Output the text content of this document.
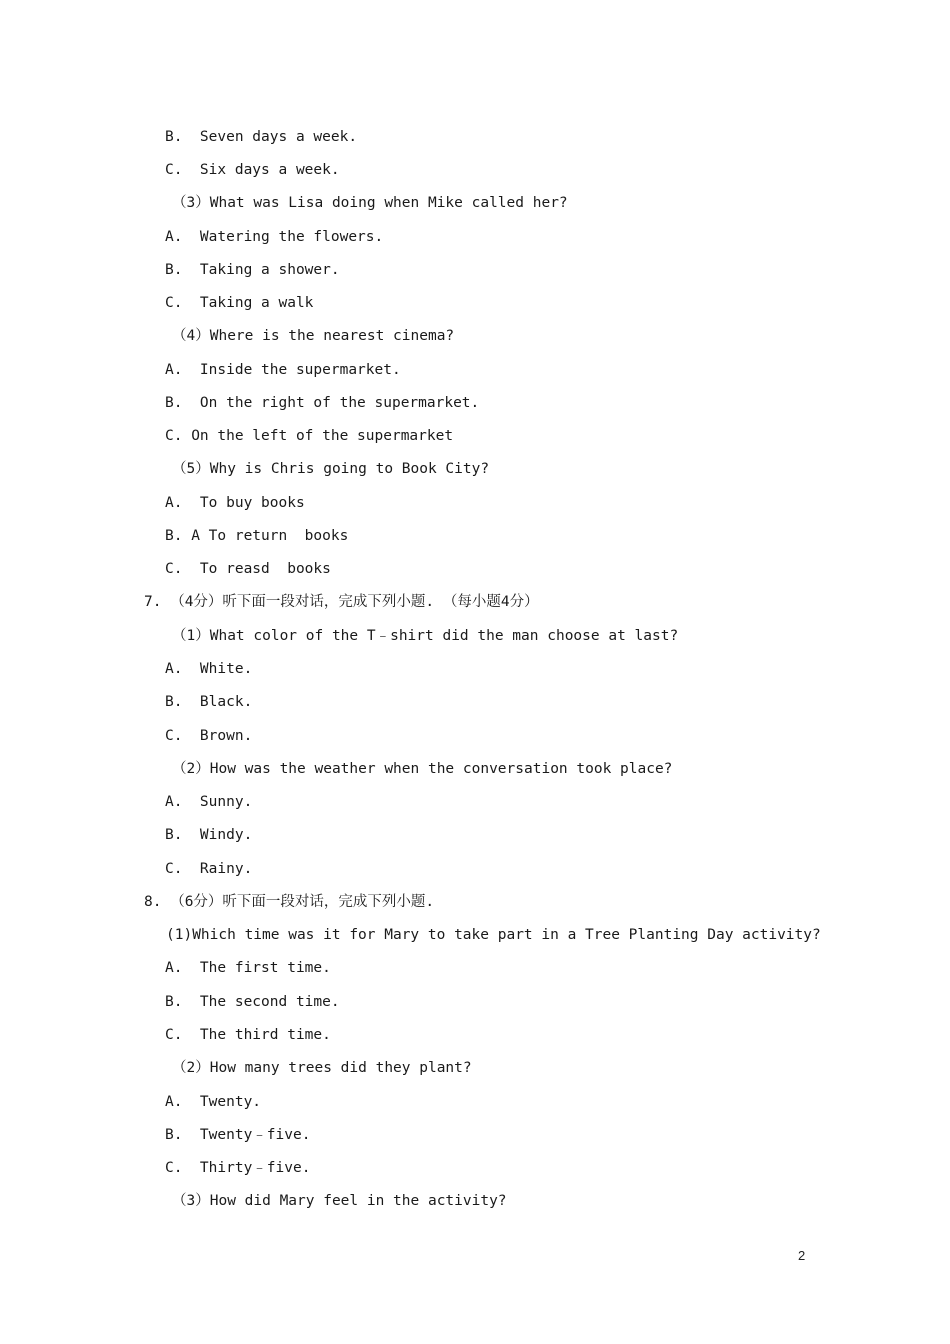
B.  Seven days a week.
C.  Six days a week.
（3）What was Lisa doing when Mike called her?
A.  Watering the flowers.
B.  Taking a shower.
C.  Taking a walk
（4）Where is the nearest cinema?
A.  Inside the supermarket.
B.  On the right of the supermarket.
C. On the left of the supermarket
（5）Why is Chris going to Book City?
A.  To buy books
B. A To return  books
C.  To reasd  books
7. （4分）听下面一段对话，完成下列小题. （每小题4分）
（1）What color of the T﹣shirt did the man choose at last?
A.  White.
B.  Black.
C.  Brown.
（2）How was the weather when the conversation took place?
A.  Sunny.
B.  Windy.
C.  Rainy.
8. （6分）听下面一段对话，完成下列小题.
(1)Which time was it for Mary to take part in a Tree Planting Day activity?
A.  The first time.
B.  The second time.
C.  The third time.
（2）How many trees did they plant?
A.  Twenty.
B.  Twenty﹣five.
C.  Thirty﹣five.
（3）How did Mary feel in the activity?
2
